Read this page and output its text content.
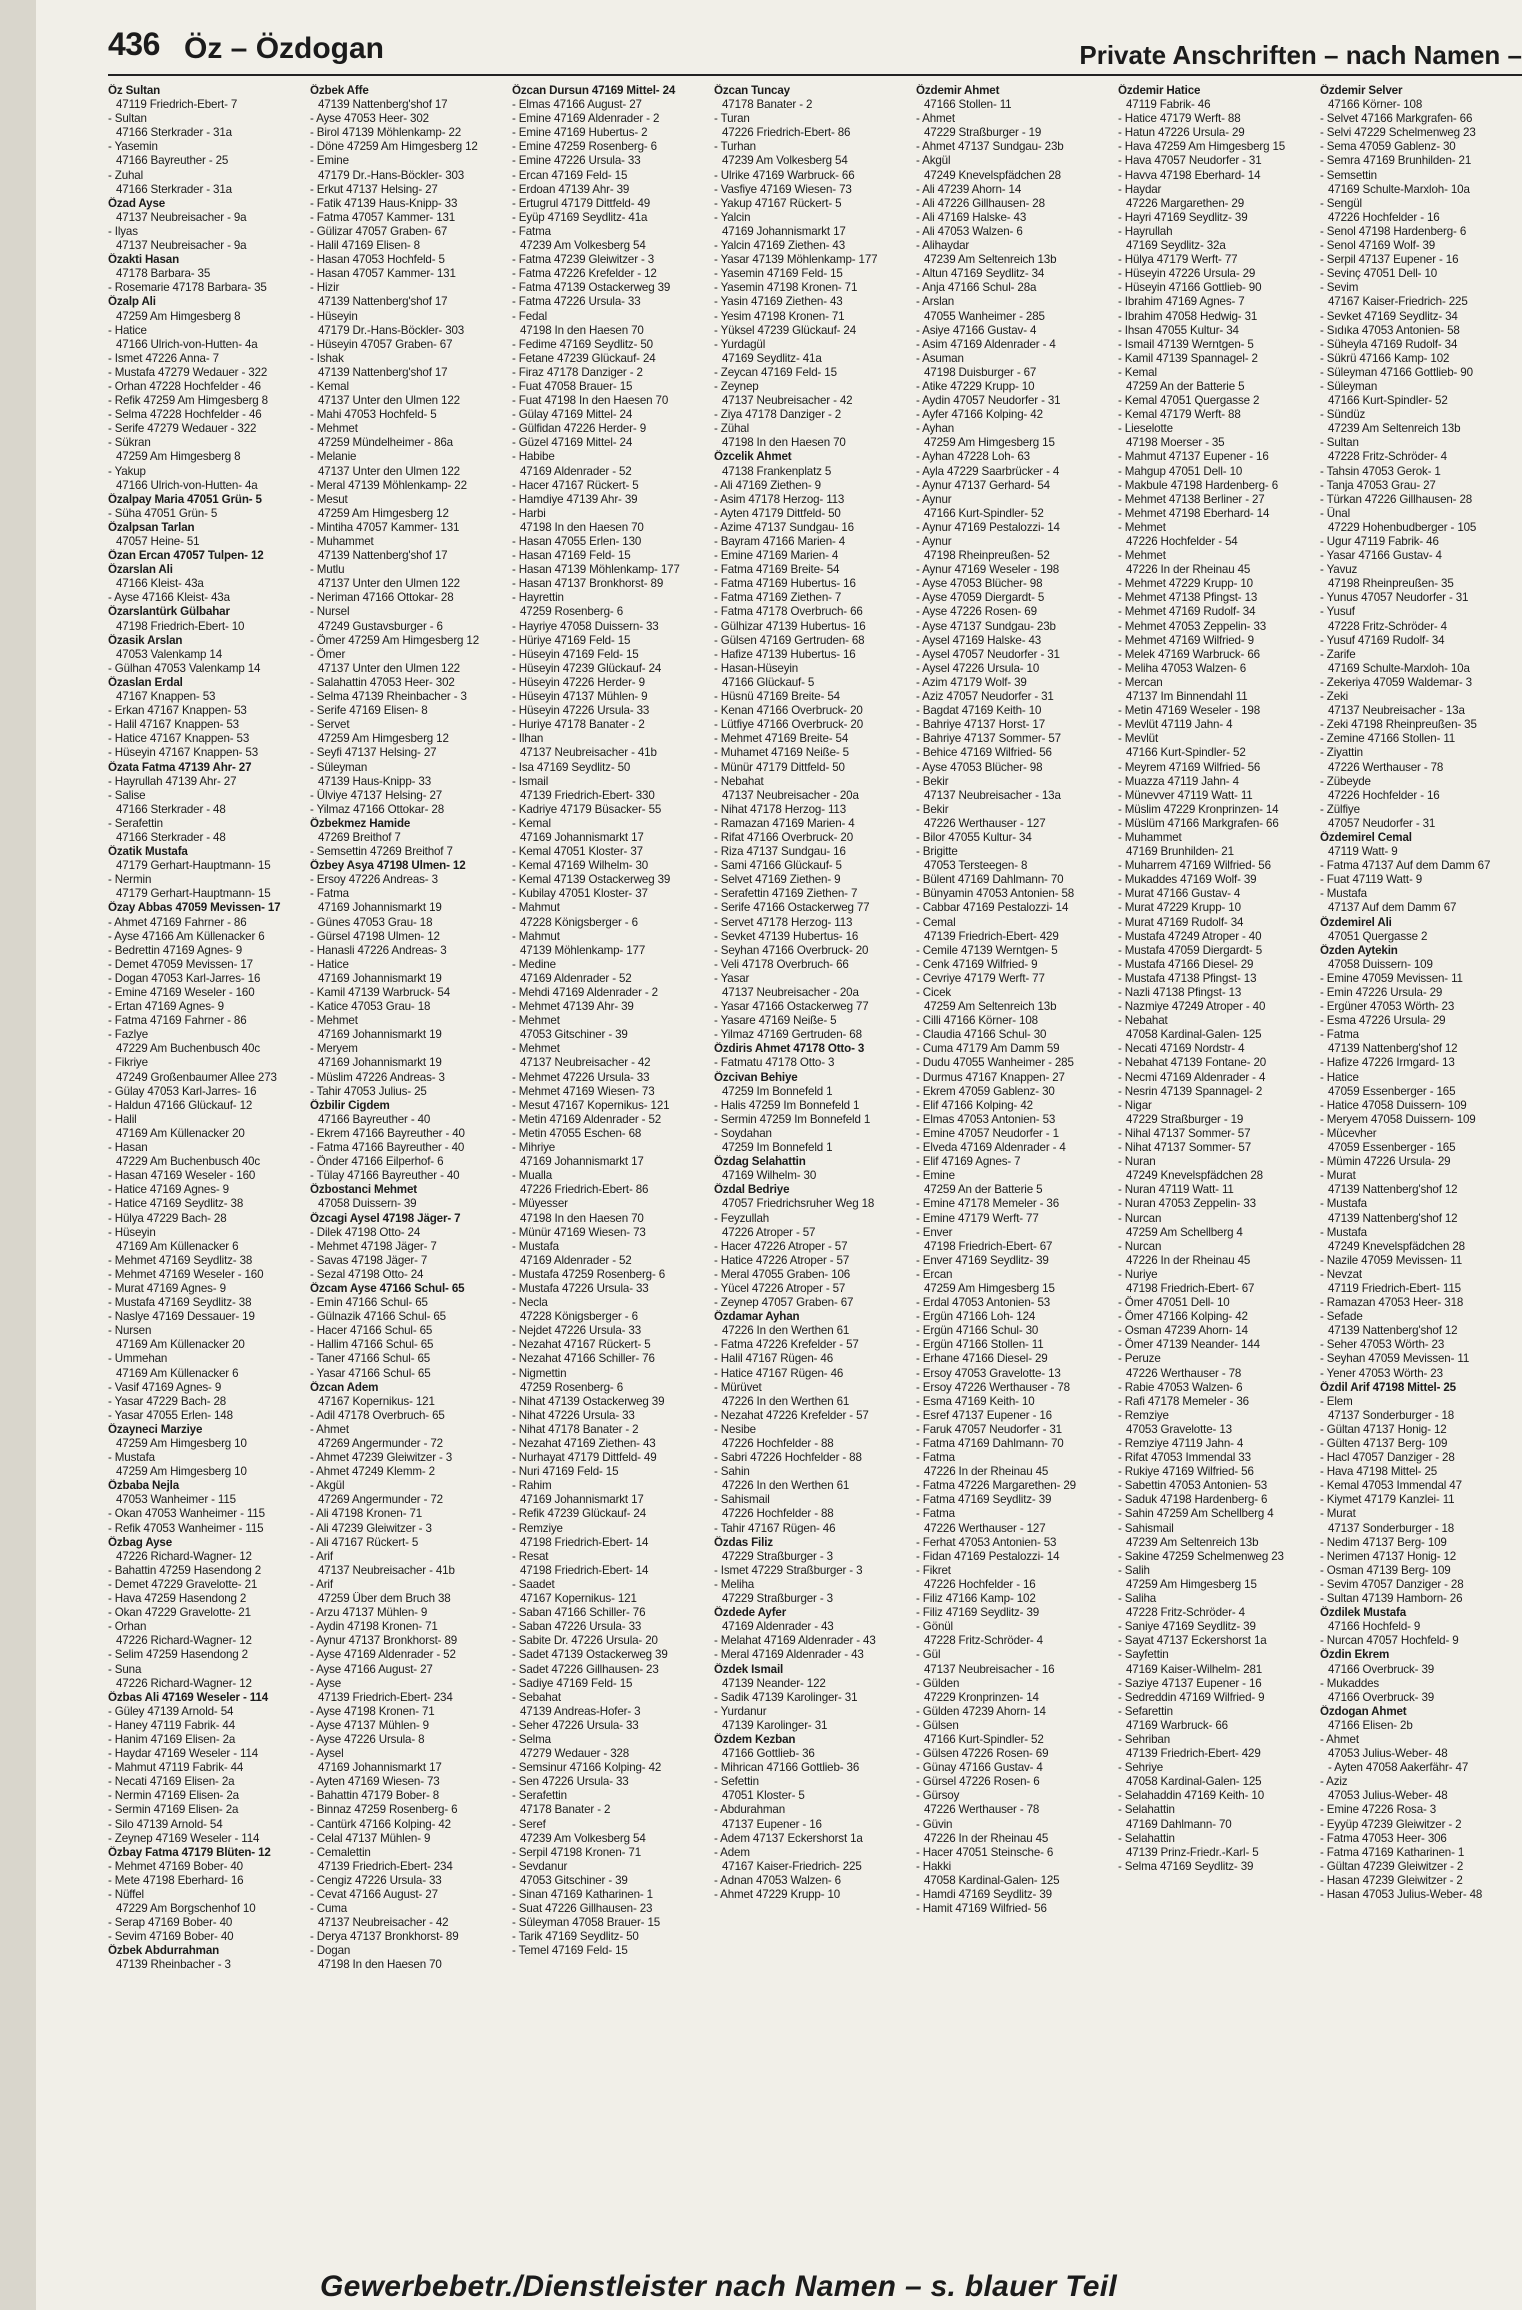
436 Öz – Özdogan	Private Anschriften – nach Namen –
Öz Sultan
47119 Friedrich-Ebert- 7
- Sultan
47166 Sterkrader - 31a
- Yasemin
47166 Bayreuther - 25
- Zuhal
47166 Sterkrader - 31a
Özad Ayse
47137 Neubreisacher - 9a
- Ilyas
47137 Neubreisacher - 9a
Özakti Hasan
47178 Barbara- 35
- Rosemarie 47178 Barbara- 35
Özalp Ali
47259 Am Himgesberg 8
- Hatice
47166 Ulrich-von-Hutten- 4a
- Ismet 47226 Anna- 7
- Mustafa 47279 Wedauer - 322
- Orhan 47228 Hochfelder - 46
- Refik 47259 Am Himgesberg 8
- Selma 47228 Hochfelder - 46
- Serife 47279 Wedauer - 322
- Sükran
47259 Am Himgesberg 8
- Yakup
47166 Ulrich-von-Hutten- 4a
Özalpay Maria 47051 Grün- 5
- Süha 47051 Grün- 5
Özalpsan Tarlan
47057 Heine- 51
Özan Ercan 47057 Tulpen- 12
Özarslan Ali
47166 Kleist- 43a
- Ayse 47166 Kleist- 43a
Özarslantürk Gülbahar
47198 Friedrich-Ebert- 10
Özasik Arslan
47053 Valenkamp 14
- Gülhan 47053 Valenkamp 14
Özaslan Erdal
47167 Knappen- 53
- Erkan 47167 Knappen- 53
- Halil 47167 Knappen- 53
- Hatice 47167 Knappen- 53
- Hüseyin 47167 Knappen- 53
Özata Fatma 47139 Ahr- 27
- Hayrullah 47139 Ahr- 27
- Salise
47166 Sterkrader - 48
- Serafettin
47166 Sterkrader - 48
Özatik Mustafa
47179 Gerhart-Hauptmann- 15
- Nermin
47179 Gerhart-Hauptmann- 15
Özay Abbas 47059 Mevissen- 17
- Ahmet 47169 Fahrner - 86
- Ayse 47166 Am Küllenacker 6
- Bedrettin 47169 Agnes- 9
- Demet 47059 Mevissen- 17
- Dogan 47053 Karl-Jarres- 16
- Emine 47169 Weseler - 160
- Ertan 47169 Agnes- 9
- Fatma 47169 Fahrner - 86
- Fazlye
47229 Am Buchenbusch 40c
- Fikriye
47249 Großenbaumer Allee 273
- Gülay 47053 Karl-Jarres- 16
- Haldun 47166 Glückauf- 12
- Halil
47169 Am Küllenacker 20
- Hasan
47229 Am Buchenbusch 40c
- Hasan 47169 Weseler - 160
- Hatice 47169 Agnes- 9
- Hatice 47169 Seydlitz- 38
- Hülya 47229 Bach- 28
- Hüseyin
47169 Am Küllenacker 6
- Mehmet 47169 Seydlitz- 38
- Mehmet 47169 Weseler - 160
- Murat 47169 Agnes- 9
- Mustafa 47169 Seydlitz- 38
- Naslye 47169 Dessauer- 19
- Nursen
47169 Am Küllenacker 20
- Ummehan
47169 Am Küllenacker 6
- Vasif 47169 Agnes- 9
- Yasar 47229 Bach- 28
- Yasar 47055 Erlen- 148
Özayneci Marziye
47259 Am Himgesberg 10
- Mustafa
47259 Am Himgesberg 10
Özbaba Nejla
47053 Wanheimer - 115
- Okan 47053 Wanheimer - 115
- Refik 47053 Wanheimer - 115
Özbag Ayse
47226 Richard-Wagner- 12
- Bahattin 47259 Hasendong 2
- Demet 47229 Gravelotte- 21
- Hava 47259 Hasendong 2
- Okan 47229 Gravelotte- 21
- Orhan
47226 Richard-Wagner- 12
- Selim 47259 Hasendong 2
- Suna
47226 Richard-Wagner- 12
Özbas Ali 47169 Weseler - 114
- Güley 47139 Arnold- 54
- Haney 47119 Fabrik- 44
- Hanim 47169 Elisen- 2a
- Haydar 47169 Weseler - 114
- Mahmut 47119 Fabrik- 44
- Necati 47169 Elisen- 2a
- Nermin 47169 Elisen- 2a
- Sermin 47169 Elisen- 2a
- Silo 47139 Arnold- 54
- Zeynep 47169 Weseler - 114
Özbay Fatma 47179 Blüten- 12
- Mehmet 47169 Bober- 40
- Mete 47198 Eberhard- 16
- Nüffel
47229 Am Borgschenhof 10
- Serap 47169 Bober- 40
- Sevim 47169 Bober- 40
Özbek Abdurrahman
47139 Rheinbacher - 3
Özbek Affe
47139 Nattenberg'shof 17
- Ayse 47053 Heer- 302
- Birol 47139 Möhlenkamp- 22
- Döne 47259 Am Himgesberg 12
- Emine
47179 Dr.-Hans-Böckler- 303
- Erkut 47137 Helsing- 27
- Fatik 47139 Haus-Knipp- 33
- Fatma 47057 Kammer- 131
- Gülizar 47057 Graben- 67
- Halil 47169 Elisen- 8
- Hasan 47053 Hochfeld- 5
- Hasan 47057 Kammer- 131
- Hizir
47139 Nattenberg'shof 17
- Hüseyin
47179 Dr.-Hans-Böckler- 303
- Hüseyin 47057 Graben- 67
- Ishak
47139 Nattenberg'shof 17
- Kemal
47137 Unter den Ulmen 122
- Mahi 47053 Hochfeld- 5
- Mehmet
47259 Mündelheimer - 86a
- Melanie
47137 Unter den Ulmen 122
- Meral 47139 Möhlenkamp- 22
- Mesut
47259 Am Himgesberg 12
- Mintiha 47057 Kammer- 131
- Muhammet
47139 Nattenberg'shof 17
- Mutlu
47137 Unter den Ulmen 122
- Neriman 47166 Ottokar- 28
- Nursel
47249 Gustavsburger - 6
- Ömer 47259 Am Himgesberg 12
- Ömer
47137 Unter den Ulmen 122
- Salahattin 47053 Heer- 302
- Selma 47139 Rheinbacher - 3
- Serife 47169 Elisen- 8
- Servet
47259 Am Himgesberg 12
- Seyfi 47137 Helsing- 27
- Süleyman
47139 Haus-Knipp- 33
- Ülviye 47137 Helsing- 27
- Yilmaz 47166 Ottokar- 28
Özbekmez Hamide
47269 Breithof 7
- Semsettin 47269 Breithof 7
Özbey Asya 47198 Ulmen- 12
- Ersoy 47226 Andreas- 3
- Fatma
47169 Johannismarkt 19
- Günes 47053 Grau- 18
- Gürsel 47198 Ulmen- 12
- Hanasli 47226 Andreas- 3
- Hatice
47169 Johannismarkt 19
- Kamil 47139 Warbruck- 54
- Katice 47053 Grau- 18
- Mehmet
47169 Johannismarkt 19
- Meryem
47169 Johannismarkt 19
- Müslim 47226 Andreas- 3
- Tahir 47053 Julius- 25
Özbilir Cigdem
47166 Bayreuther - 40
- Ekrem 47166 Bayreuther - 40
- Fatma 47166 Bayreuther - 40
- Önder 47166 Eilperhof- 6
- Tülay 47166 Bayreuther - 40
Özbostanci Mehmet
47058 Duissern- 39
Özcagi Aysel 47198 Jäger- 7
- Dilek 47198 Otto- 24
- Mehmet 47198 Jäger- 7
- Savas 47198 Jäger- 7
- Sezal 47198 Otto- 24
Özcam Ayse 47166 Schul- 65
- Emin 47166 Schul- 65
- Gülnazik 47166 Schul- 65
- Hacer 47166 Schul- 65
- Hallim 47166 Schul- 65
- Taner 47166 Schul- 65
- Yasar 47166 Schul- 65
Özcan Adem
47167 Kopernikus- 121
- Adil 47178 Overbruch- 65
- Ahmet
47269 Angermunder - 72
- Ahmet 47239 Gleiwitzer - 3
- Ahmet 47249 Klemm- 2
- Akgül
47269 Angermunder - 72
- Ali 47198 Kronen- 71
- Ali 47239 Gleiwitzer - 3
- Ali 47167 Rückert- 5
- Arif
47137 Neubreisacher - 41b
- Arif
47259 Über dem Bruch 38
- Arzu 47137 Mühlen- 9
- Aydin 47198 Kronen- 71
- Aynur 47137 Bronkhorst- 89
- Ayse 47169 Aldenrader - 52
- Ayse 47166 August- 27
- Ayse
47139 Friedrich-Ebert- 234
- Ayse 47198 Kronen- 71
- Ayse 47137 Mühlen- 9
- Ayse 47226 Ursula- 8
- Aysel
47169 Johannismarkt 17
- Ayten 47169 Wiesen- 73
- Bahattin 47179 Bober- 8
- Binnaz 47259 Rosenberg- 6
- Cantürk 47166 Kolping- 42
- Celal 47137 Mühlen- 9
- Cemalettin
47139 Friedrich-Ebert- 234
- Cengiz 47226 Ursula- 33
- Cevat 47166 August- 27
- Cuma
47137 Neubreisacher - 42
- Derya 47137 Bronkhorst- 89
- Dogan
47198 In den Haesen 70
Özcan Dursun 47169 Mittel- 24
- Elmas 47166 August- 27
- Emine 47169 Aldenrader - 2
- Emine 47169 Hubertus- 2
- Emine 47259 Rosenberg- 6
- Emine 47226 Ursula- 33
- Ercan 47169 Feld- 15
- Erdoan 47139 Ahr- 39
- Ertugrul 47179 Dittfeld- 49
- Eyüp 47169 Seydlitz- 41a
- Fatma
47239 Am Volkesberg 54
- Fatma 47239 Gleiwitzer - 3
- Fatma 47226 Krefelder - 12
- Fatma 47139 Ostackerweg 39
- Fatma 47226 Ursula- 33
- Fedal
47198 In den Haesen 70
- Fedime 47169 Seydlitz- 50
- Fetane 47239 Glückauf- 24
- Firaz 47178 Danziger - 2
- Fuat 47058 Brauer- 15
- Fuat 47198 In den Haesen 70
- Gülay 47169 Mittel- 24
- Gülfidan 47226 Herder- 9
- Güzel 47169 Mittel- 24
- Habibe
47169 Aldenrader - 52
- Hacer 47167 Rückert- 5
- Hamdiye 47139 Ahr- 39
- Harbi
47198 In den Haesen 70
- Hasan 47055 Erlen- 130
- Hasan 47169 Feld- 15
- Hasan 47139 Möhlenkamp- 177
- Hasan 47137 Bronkhorst- 89
- Hayrettin
47259 Rosenberg- 6
- Hayriye 47058 Duissern- 33
- Hüriye 47169 Feld- 15
- Hüseyin 47169 Feld- 15
- Hüseyin 47239 Glückauf- 24
- Hüseyin 47226 Herder- 9
- Hüseyin 47137 Mühlen- 9
- Hüseyin 47226 Ursula- 33
- Huriye 47178 Banater - 2
- Ilhan
47137 Neubreisacher - 41b
- Isa 47169 Seydlitz- 50
- Ismail
47139 Friedrich-Ebert- 330
- Kadriye 47179 Büsacker- 55
- Kemal
47169 Johannismarkt 17
- Kemal 47051 Kloster- 37
- Kemal 47169 Wilhelm- 30
- Kemal 47139 Ostackerweg 39
- Kubilay 47051 Kloster- 37
- Mahmut
47228 Königsberger - 6
- Mahmut
47139 Möhlenkamp- 177
- Medine
47169 Aldenrader - 52
- Mehdi 47169 Aldenrader - 2
- Mehmet 47139 Ahr- 39
- Mehmet
47053 Gitschiner - 39
- Mehmet
47137 Neubreisacher - 42
- Mehmet 47226 Ursula- 33
- Mehmet 47169 Wiesen- 73
- Mesut 47167 Kopernikus- 121
- Metin 47169 Aldenrader - 52
- Metin 47055 Eschen- 68
- Mihriye
47169 Johannismarkt 17
- Mualla
47226 Friedrich-Ebert- 86
- Müyesser
47198 In den Haesen 70
- Münür 47169 Wiesen- 73
- Mustafa
47169 Aldenrader - 52
- Mustafa 47259 Rosenberg- 6
- Mustafa 47226 Ursula- 33
- Necla
47228 Königsberger - 6
- Nejdet 47226 Ursula- 33
- Nezahat 47167 Rückert- 5
- Nezahat 47166 Schiller- 76
- Nigmettin
47259 Rosenberg- 6
- Nihat 47139 Ostackerweg 39
- Nihat 47226 Ursula- 33
- Nihat 47178 Banater - 2
- Nezahat 47169 Ziethen- 43
- Nurhayat 47179 Dittfeld- 49
- Nuri 47169 Feld- 15
- Rahim
47169 Johannismarkt 17
- Refik 47239 Glückauf- 24
- Remziye
47198 Friedrich-Ebert- 14
- Resat
47198 Friedrich-Ebert- 14
- Saadet
47167 Kopernikus- 121
- Saban 47166 Schiller- 76
- Saban 47226 Ursula- 33
- Sabite Dr. 47226 Ursula- 20
- Sadet 47139 Ostackerweg 39
- Sadet 47226 Gillhausen- 23
- Sadiye 47169 Feld- 15
- Sebahat
47139 Andreas-Hofer- 3
- Seher 47226 Ursula- 33
- Selma
47279 Wedauer - 328
- Semsinur 47166 Kolping- 42
- Sen 47226 Ursula- 33
- Serafettin
47178 Banater - 2
- Seref
47239 Am Volkesberg 54
- Serpil 47198 Kronen- 71
- Sevdanur
47053 Gitschiner - 39
- Sinan 47169 Katharinen- 1
- Suat 47226 Gillhausen- 23
- Süleyman 47058 Brauer- 15
- Tarik 47169 Seydlitz- 50
- Temel 47169 Feld- 15
Özcan Tuncay
47178 Banater - 2
- Turan
47226 Friedrich-Ebert- 86
- Turhan
47239 Am Volkesberg 54
- Ulrike 47169 Warbruck- 66
- Vasfiye 47169 Wiesen- 73
- Yakup 47167 Rückert- 5
- Yalcin
47169 Johannismarkt 17
- Yalcin 47169 Ziethen- 43
- Yasar 47139 Möhlenkamp- 177
- Yasemin 47169 Feld- 15
- Yasemin 47198 Kronen- 71
- Yasin 47169 Ziethen- 43
- Yesim 47198 Kronen- 71
- Yüksel 47239 Glückauf- 24
- Yurdagül
47169 Seydlitz- 41a
- Zeycan 47169 Feld- 15
- Zeynep
47137 Neubreisacher - 42
- Ziya 47178 Danziger - 2
- Zühal
47198 In den Haesen 70
Özcelik Ahmet
47138 Frankenplatz 5
- Ali 47169 Ziethen- 9
- Asim 47178 Herzog- 113
- Ayten 47179 Dittfeld- 50
- Azime 47137 Sundgau- 16
- Bayram 47166 Marien- 4
- Emine 47169 Marien- 4
- Fatma 47169 Breite- 54
- Fatma 47169 Hubertus- 16
- Fatma 47169 Ziethen- 7
- Fatma 47178 Overbruch- 66
- Gülhizar 47139 Hubertus- 16
- Gülsen 47169 Gertruden- 68
- Hafize 47139 Hubertus- 16
- Hasan-Hüseyin
47166 Glückauf- 5
- Hüsnü 47169 Breite- 54
- Kenan 47166 Overbruck- 20
- Lütfiye 47166 Overbruck- 20
- Mehmet 47169 Breite- 54
- Muhamet 47169 Neiße- 5
- Münür 47179 Dittfeld- 50
- Nebahat
47137 Neubreisacher - 20a
- Nihat 47178 Herzog- 113
- Ramazan 47169 Marien- 4
- Rifat 47166 Overbruck- 20
- Riza 47137 Sundgau- 16
- Sami 47166 Glückauf- 5
- Selvet 47169 Ziethen- 9
- Serafettin 47169 Ziethen- 7
- Serife 47166 Ostackerweg 77
- Servet 47178 Herzog- 113
- Sevket 47139 Hubertus- 16
- Seyhan 47166 Overbruck- 20
- Veli 47178 Overbruch- 66
- Yasar
47137 Neubreisacher - 20a
- Yasar 47166 Ostackerweg 77
- Yasare 47169 Neiße- 5
- Yilmaz 47169 Gertruden- 68
Özdiris Ahmet 47178 Otto- 3
- Fatmatu 47178 Otto- 3
Özcivan Behiye
47259 Im Bonnefeld 1
- Halis 47259 Im Bonnefeld 1
- Sermin 47259 Im Bonnefeld 1
- Soydahan
47259 Im Bonnefeld 1
Özdag Selahattin
47169 Wilhelm- 30
Özdal Bedriye
47057 Friedrichsruher Weg 18
- Feyzullah
47226 Atroper - 57
- Hacer 47226 Atroper - 57
- Hatice 47226 Atroper - 57
- Meral 47055 Graben- 106
- Yücel 47226 Atroper - 57
- Zeynep 47057 Graben- 67
Özdamar Ayhan
47226 In den Werthen 61
- Fatma 47226 Krefelder - 57
- Halil 47167 Rügen- 46
- Hatice 47167 Rügen- 46
- Mürüvet
47226 In den Werthen 61
- Nezahat 47226 Krefelder - 57
- Nesibe
47226 Hochfelder - 88
- Sabri 47226 Hochfelder - 88
- Sahin
47226 In den Werthen 61
- Sahismail
47226 Hochfelder - 88
- Tahir 47167 Rügen- 46
Özdas Filiz
47229 Straßburger - 3
- Ismet 47229 Straßburger - 3
- Meliha
47229 Straßburger - 3
Özdede Ayfer
47169 Aldenrader - 43
- Melahat 47169 Aldenrader - 43
- Meral 47169 Aldenrader - 43
Özdek Ismail
47139 Neander- 122
- Sadik 47139 Karolinger- 31
- Yurdanur
47139 Karolinger- 31
Özdem Kezban
47166 Gottlieb- 36
- Mihrican 47166 Gottlieb- 36
- Sefettin
47051 Kloster- 5
- Abdurahman
47137 Eupener - 16
- Adem 47137 Eckershorst 1a
- Adem
47167 Kaiser-Friedrich- 225
- Adnan 47053 Walzen- 6
- Ahmet 47229 Krupp- 10
Özdemir Ahmet
47166 Stollen- 11
- Ahmet
47229 Straßburger - 19
- Ahmet 47137 Sundgau- 23b
- Akgül
47249 Knevelspfädchen 28
- Ali 47239 Ahorn- 14
- Ali 47226 Gillhausen- 28
- Ali 47169 Halske- 43
- Ali 47053 Walzen- 6
- Alihaydar
47239 Am Seltenreich 13b
- Altun 47169 Seydlitz- 34
- Anja 47166 Schul- 28a
- Arslan
47055 Wanheimer - 285
- Asiye 47166 Gustav- 4
- Asim 47169 Aldenrader - 4
- Asuman
47198 Duisburger - 67
- Atike 47229 Krupp- 10
- Aydin 47057 Neudorfer - 31
- Ayfer 47166 Kolping- 42
- Ayhan
47259 Am Himgesberg 15
- Ayhan 47228 Loh- 63
- Ayla 47229 Saarbrücker - 4
- Aynur 47137 Gerhard- 54
- Aynur
47166 Kurt-Spindler- 52
- Aynur 47169 Pestalozzi- 14
- Aynur
47198 Rheinpreußen- 52
- Aynur 47169 Weseler - 198
- Ayse 47053 Blücher- 98
- Ayse 47059 Diergardt- 5
- Ayse 47226 Rosen- 69
- Ayse 47137 Sundgau- 23b
- Aysel 47169 Halske- 43
- Aysel 47057 Neudorfer - 31
- Aysel 47226 Ursula- 10
- Azim 47179 Wolf- 39
- Aziz 47057 Neudorfer - 31
- Bagdat 47169 Keith- 10
- Bahriye 47137 Horst- 17
- Bahriye 47137 Sommer- 57
- Behice 47169 Wilfried- 56
- Ayse 47053 Blücher- 98
- Bekir
47137 Neubreisacher - 13a
- Bekir
47226 Werthauser - 127
- Bilor 47055 Kultur- 34
- Brigitte
47053 Tersteegen- 8
- Bülent 47169 Dahlmann- 70
- Bünyamin 47053 Antonien- 58
- Cabbar 47169 Pestalozzi- 14
- Cemal
47139 Friedrich-Ebert- 429
- Cemile 47139 Werntgen- 5
- Cenk 47169 Wilfried- 9
- Cevriye 47179 Werft- 77
- Cicek
47259 Am Seltenreich 13b
- Cilli 47166 Körner- 108
- Claudia 47166 Schul- 30
- Cuma 47179 Am Damm 59
- Dudu 47055 Wanheimer - 285
- Durmus 47167 Knappen- 27
- Ekrem 47059 Gablenz- 30
- Elif 47166 Kolping- 42
- Elmas 47053 Antonien- 53
- Emine 47057 Neudorfer - 1
- Elveda 47169 Aldenrader - 4
- Elif 47169 Agnes- 7
- Emine
47259 An der Batterie 5
- Emine 47178 Memeler - 36
- Emine 47179 Werft- 77
- Enver
47198 Friedrich-Ebert- 67
- Enver 47169 Seydlitz- 39
- Ercan
47259 Am Himgesberg 15
- Erdal 47053 Antonien- 53
- Ergün 47166 Loh- 124
- Ergün 47166 Schul- 30
- Ergün 47166 Stollen- 11
- Erhane 47166 Diesel- 29
- Ersoy 47053 Gravelotte- 13
- Ersoy 47226 Werthauser - 78
- Esma 47169 Keith- 10
- Esref 47137 Eupener - 16
- Faruk 47057 Neudorfer - 31
- Fatma 47169 Dahlmann- 70
- Fatma
47226 In der Rheinau 45
- Fatma 47226 Margarethen- 29
- Fatma 47169 Seydlitz- 39
- Fatma
47226 Werthauser - 127
- Ferhat 47053 Antonien- 53
- Fidan 47169 Pestalozzi- 14
- Fikret
47226 Hochfelder - 16
- Filiz 47166 Kamp- 102
- Filiz 47169 Seydlitz- 39
- Gönül
47228 Fritz-Schröder- 4
- Gül
47137 Neubreisacher - 16
- Gülden
47229 Kronprinzen- 14
- Gülden 47239 Ahorn- 14
- Gülsen
47166 Kurt-Spindler- 52
- Gülsen 47226 Rosen- 69
- Günay 47166 Gustav- 4
- Gürsel 47226 Rosen- 6
- Gürsoy
47226 Werthauser - 78
- Güvin
47226 In der Rheinau 45
- Hacer 47051 Steinsche- 6
- Hakki
47058 Kardinal-Galen- 125
- Hamdi 47169 Seydlitz- 39
- Hamit 47169 Wilfried- 56
Özdemir Hatice
47119 Fabrik- 46
- Hatice 47179 Werft- 88
- Hatun 47226 Ursula- 29
- Hava 47259 Am Himgesberg 15
- Hava 47057 Neudorfer - 31
- Havva 47198 Eberhard- 14
- Haydar
47226 Margarethen- 29
- Hayri 47169 Seydlitz- 39
- Hayrullah
47169 Seydlitz- 32a
- Hülya 47179 Werft- 77
- Hüseyin 47226 Ursula- 29
- Hüseyin 47166 Gottlieb- 90
- Ibrahim 47169 Agnes- 7
- Ibrahim 47058 Hedwig- 31
- Ihsan 47055 Kultur- 34
- Ismail 47139 Werntgen- 5
- Kamil 47139 Spannagel- 2
- Kemal
47259 An der Batterie 5
- Kemal 47051 Quergasse 2
- Kemal 47179 Werft- 88
- Lieselotte
47198 Moerser - 35
- Mahmut 47137 Eupener - 16
- Mahgup 47051 Dell- 10
- Makbule 47198 Hardenberg- 6
- Mehmet 47138 Berliner - 27
- Mehmet 47198 Eberhard- 14
- Mehmet
47226 Hochfelder - 54
- Mehmet
47226 In der Rheinau 45
- Mehmet 47229 Krupp- 10
- Mehmet 47138 Pfingst- 13
- Mehmet 47169 Rudolf- 34
- Mehmet 47053 Zeppelin- 33
- Mehmet 47169 Wilfried- 9
- Melek 47169 Warbruck- 66
- Meliha 47053 Walzen- 6
- Mercan
47137 Im Binnendahl 11
- Metin 47169 Weseler - 198
- Mevlüt 47119 Jahn- 4
- Mevlüt
47166 Kurt-Spindler- 52
- Meyrem 47169 Wilfried- 56
- Muazza 47119 Jahn- 4
- Münevver 47119 Watt- 11
- Müslim 47229 Kronprinzen- 14
- Müslüm 47166 Markgrafen- 66
- Muhammet
47169 Brunhilden- 21
- Muharrem 47169 Wilfried- 56
- Mukaddes 47169 Wolf- 39
- Murat 47166 Gustav- 4
- Murat 47229 Krupp- 10
- Murat 47169 Rudolf- 34
- Mustafa 47249 Atroper - 40
- Mustafa 47059 Diergardt- 5
- Mustafa 47166 Diesel- 29
- Mustafa 47138 Pfingst- 13
- Nazli 47138 Pfingst- 13
- Nazmiye 47249 Atroper - 40
- Nebahat
47058 Kardinal-Galen- 125
- Necati 47169 Nordstr- 4
- Nebahat 47139 Fontane- 20
- Necmi 47169 Aldenrader - 4
- Nesrin 47139 Spannagel- 2
- Nigar
47229 Straßburger - 19
- Nihal 47137 Sommer- 57
- Nihat 47137 Sommer- 57
- Nuran
47249 Knevelspfädchen 28
- Nuran 47119 Watt- 11
- Nuran 47053 Zeppelin- 33
- Nurcan
47259 Am Schellberg 4
- Nurcan
47226 In der Rheinau 45
- Nuriye
47198 Friedrich-Ebert- 67
- Ömer 47051 Dell- 10
- Ömer 47166 Kolping- 42
- Osman 47239 Ahorn- 14
- Ömer 47139 Neander- 144
- Peruze
47226 Werthauser - 78
- Rabie 47053 Walzen- 6
- Rafi 47178 Memeler - 36
- Remziye
47053 Gravelotte- 13
- Remziye 47119 Jahn- 4
- Rifat 47053 Immendal 33
- Rukiye 47169 Wilfried- 56
- Sabettin 47053 Antonien- 53
- Saduk 47198 Hardenberg- 6
- Sahin 47259 Am Schellberg 4
- Sahismail
47239 Am Seltenreich 13b
- Sakine 47259 Schelmenweg 23
- Salih
47259 Am Himgesberg 15
- Saliha
47228 Fritz-Schröder- 4
- Saniye 47169 Seydlitz- 39
- Sayat 47137 Eckershorst 1a
- Sayfettin
47169 Kaiser-Wilhelm- 281
- Saziye 47137 Eupener - 16
- Sedreddin 47169 Wilfried- 9
- Sefarettin
47169 Warbruck- 66
- Sehriban
47139 Friedrich-Ebert- 429
- Sehriye
47058 Kardinal-Galen- 125
- Selahaddin 47169 Keith- 10
- Selahattin
47169 Dahlmann- 70
- Selahattin
47139 Prinz-Friedr.-Karl- 5
- Selma 47169 Seydlitz- 39
Özdemir Selver
47166 Körner- 108
- Selvet 47166 Markgrafen- 66
- Selvi 47229 Schelmenweg 23
- Sema 47059 Gablenz- 30
- Semra 47169 Brunhilden- 21
- Semsettin
47169 Schulte-Marxloh- 10a
- Sengül
47226 Hochfelder - 16
- Senol 47198 Hardenberg- 6
- Senol 47169 Wolf- 39
- Serpil 47137 Eupener - 16
- Sevinç 47051 Dell- 10
- Sevim
47167 Kaiser-Friedrich- 225
- Sevket 47169 Seydlitz- 34
- Sıdıka 47053 Antonien- 58
- Süheyla 47169 Rudolf- 34
- Sükrü 47166 Kamp- 102
- Süleyman 47166 Gottlieb- 90
- Süleyman
47166 Kurt-Spindler- 52
- Sündüz
47239 Am Seltenreich 13b
- Sultan
47228 Fritz-Schröder- 4
- Tahsin 47053 Gerok- 1
- Tanja 47053 Grau- 27
- Türkan 47226 Gillhausen- 28
- Ünal
47229 Hohenbudberger - 105
- Ugur 47119 Fabrik- 46
- Yasar 47166 Gustav- 4
- Yavuz
47198 Rheinpreußen- 35
- Yunus 47057 Neudorfer - 31
- Yusuf
47228 Fritz-Schröder- 4
- Yusuf 47169 Rudolf- 34
- Zarife
47169 Schulte-Marxloh- 10a
- Zekeriya 47059 Waldemar- 3
- Zeki
47137 Neubreisacher - 13a
- Zeki 47198 Rheinpreußen- 35
- Zemine 47166 Stollen- 11
- Ziyattin
47226 Werthauser - 78
- Zübeyde
47226 Hochfelder - 16
- Zülfiye
47057 Neudorfer - 31
Özdemirel Cemal
47119 Watt- 9
- Fatma 47137 Auf dem Damm 67
- Fuat 47119 Watt- 9
- Mustafa
47137 Auf dem Damm 67
Özdemirel Ali
47051 Quergasse 2
Özden Aytekin
47058 Duissern- 109
- Emine 47059 Mevissen- 11
- Emin 47226 Ursula- 29
- Ergüner 47053 Wörth- 23
- Esma 47226 Ursula- 29
- Fatma
47139 Nattenberg'shof 12
- Hafize 47226 Irmgard- 13
- Hatice
47059 Essenberger - 165
- Hatice 47058 Duissern- 109
- Meryem 47058 Duissern- 109
- Mücevher
47059 Essenberger - 165
- Mümin 47226 Ursula- 29
- Murat
47139 Nattenberg'shof 12
- Mustafa
47139 Nattenberg'shof 12
- Mustafa
47249 Knevelspfädchen 28
- Nazile 47059 Mevissen- 11
- Nevzat
47119 Friedrich-Ebert- 115
- Ramazan 47053 Heer- 318
- Sefade
47139 Nattenberg'shof 12
- Seher 47053 Wörth- 23
- Seyhan 47059 Mevissen- 11
- Yener 47053 Wörth- 23
Özdil Arif 47198 Mittel- 25
- Elem
47137 Sonderburger - 18
- Gültan 47137 Honig- 12
- Gülten 47137 Berg- 109
- Hacl 47057 Danziger - 28
- Hava 47198 Mittel- 25
- Kemal 47053 Immendal 47
- Kiymet 47179 Kanzlei- 11
- Murat
47137 Sonderburger - 18
- Nedim 47137 Berg- 109
- Nerimen 47137 Honig- 12
- Osman 47139 Berg- 109
- Sevim 47057 Danziger - 28
- Sultan 47139 Hamborn- 26
Özdilek Mustafa
47166 Hochfeld- 9
- Nurcan 47057 Hochfeld- 9
Özdin Ekrem
47166 Overbruck- 39
- Mukaddes
47166 Overbruck- 39
Özdogan Ahmet
47166 Elisen- 2b
- Ahmet
47053 Julius-Weber- 48
- Ayten 47058 Aakerfähr- 47
- Aziz
47053 Julius-Weber- 48
- Emine 47226 Rosa- 3
- Eyyüp 47239 Gleiwitzer - 2
- Fatma 47053 Heer- 306
- Fatma 47169 Katharinen- 1
- Gültan 47239 Gleiwitzer - 2
- Hasan 47239 Gleiwitzer - 2
- Hasan 47053 Julius-Weber- 48
Gewerbebetr./Dienstleister nach Namen – s. blauer Teil
